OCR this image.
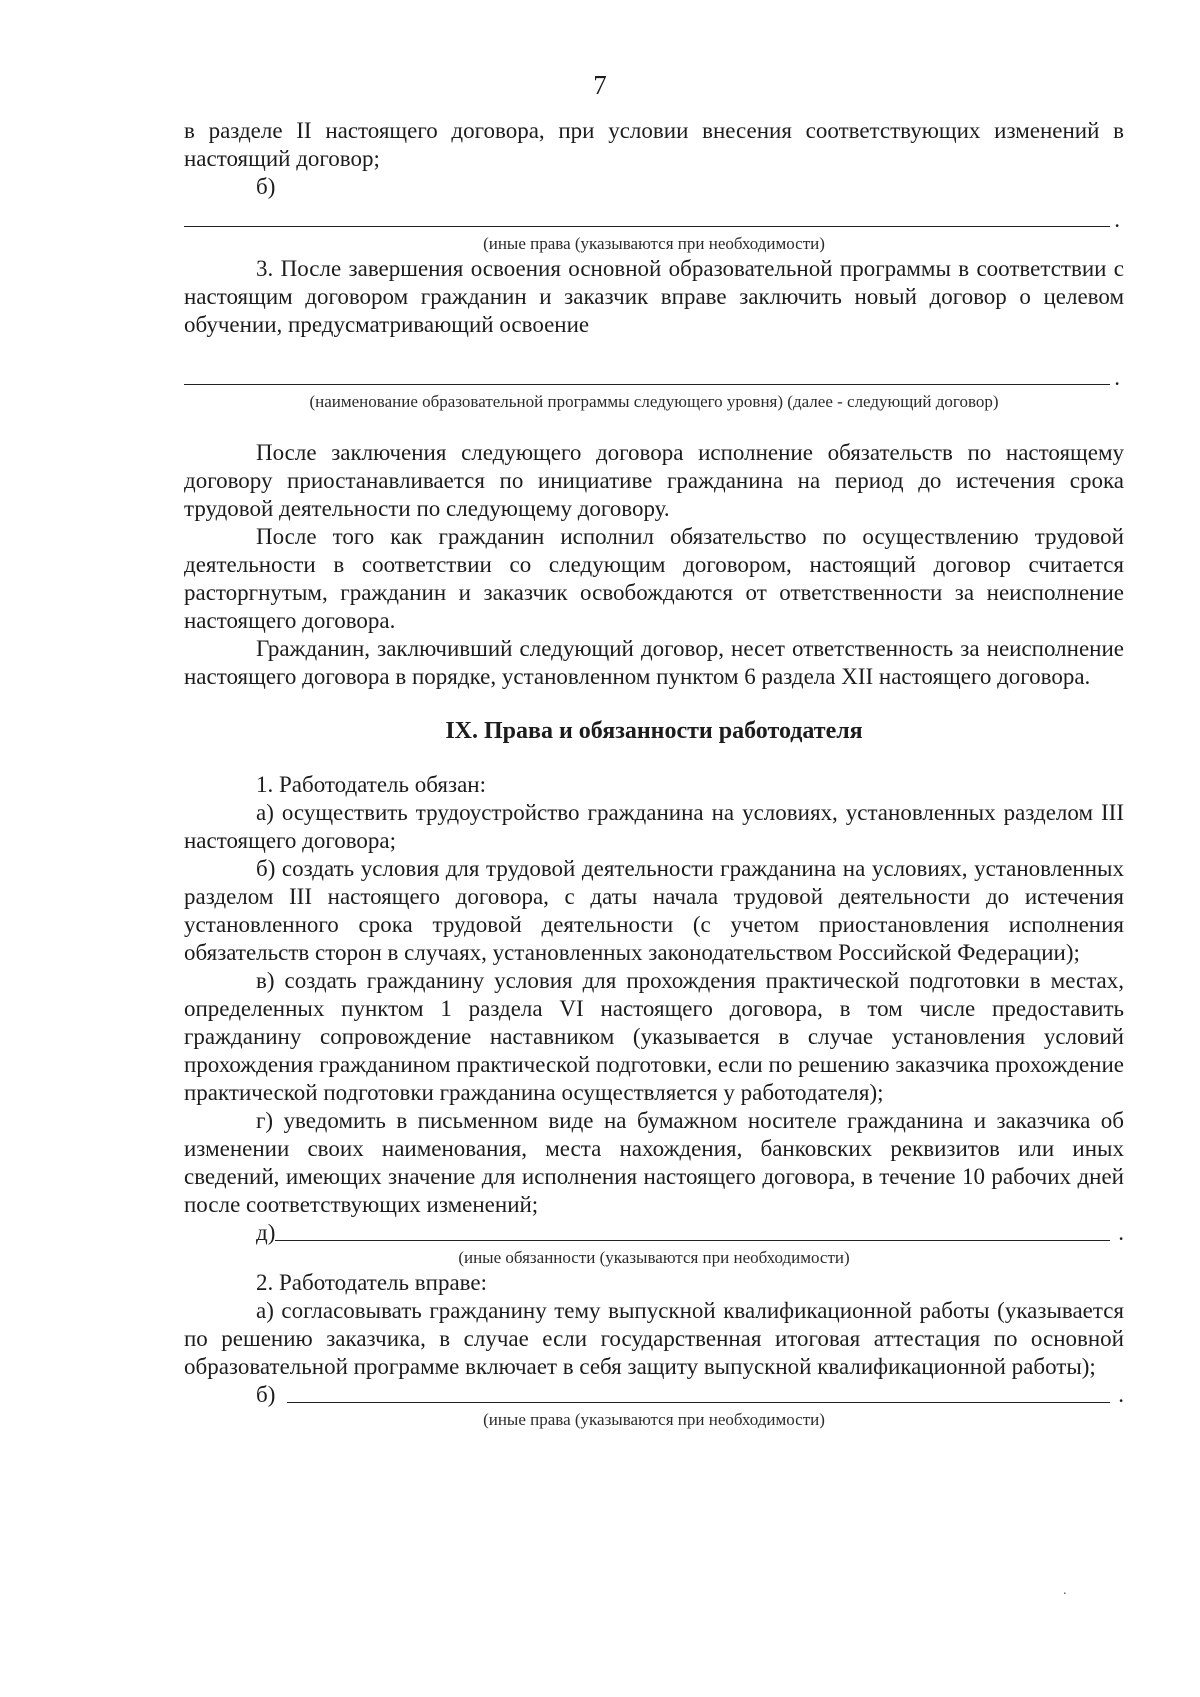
7

в разделе II настоящего договора, при условии внесения соответствующих изменений в настоящий договор;

б)
.
(иные права (указываются при необходимости)

3. После завершения освоения основной образовательной программы в соответствии с настоящим договором гражданин и заказчик вправе заключить новый договор о целевом обучении, предусматривающий освоение

.
(наименование образовательной программы следующего уровня) (далее - следующий договор)

После заключения следующего договора исполнение обязательств по настоящему договору приостанавливается по инициативе гражданина на период до истечения срока трудовой деятельности по следующему договору.

После того как гражданин исполнил обязательство по осуществлению трудовой деятельности в соответствии со следующим договором, настоящий договор считается расторгнутым, гражданин и заказчик освобождаются от ответственности за неисполнение настоящего договора.

Гражданин, заключивший следующий договор, несет ответственность за неисполнение настоящего договора в порядке, установленном пунктом 6 раздела XII настоящего договора.

IX. Права и обязанности работодателя

1. Работодатель обязан:

а) осуществить трудоустройство гражданина на условиях, установленных разделом III настоящего договора;

б) создать условия для трудовой деятельности гражданина на условиях, установленных разделом III настоящего договора, с даты начала трудовой деятельности до истечения установленного срока трудовой деятельности (с учетом приостановления исполнения обязательств сторон в случаях, установленных законодательством Российской Федерации);

в) создать гражданину условия для прохождения практической подготовки в местах, определенных пунктом 1 раздела VI настоящего договора, в том числе предоставить гражданину сопровождение наставником (указывается в случае установления условий прохождения гражданином практической подготовки, если по решению заказчика прохождение практической подготовки гражданина осуществляется у работодателя);

г) уведомить в письменном виде на бумажном носителе гражданина и заказчика об изменении своих наименования, места нахождения, банковских реквизитов или иных сведений, имеющих значение для исполнения настоящего договора, в течение 10 рабочих дней после соответствующих изменений;

д)	.
(иные обязанности (указываются при необходимости)

2. Работодатель вправе:

а) согласовывать гражданину тему выпускной квалификационной работы (указывается по решению заказчика, в случае если государственная итоговая аттестация по основной образовательной программе включает в себя защиту выпускной квалификационной работы);

б)	.
(иные права (указываются при необходимости)
.
